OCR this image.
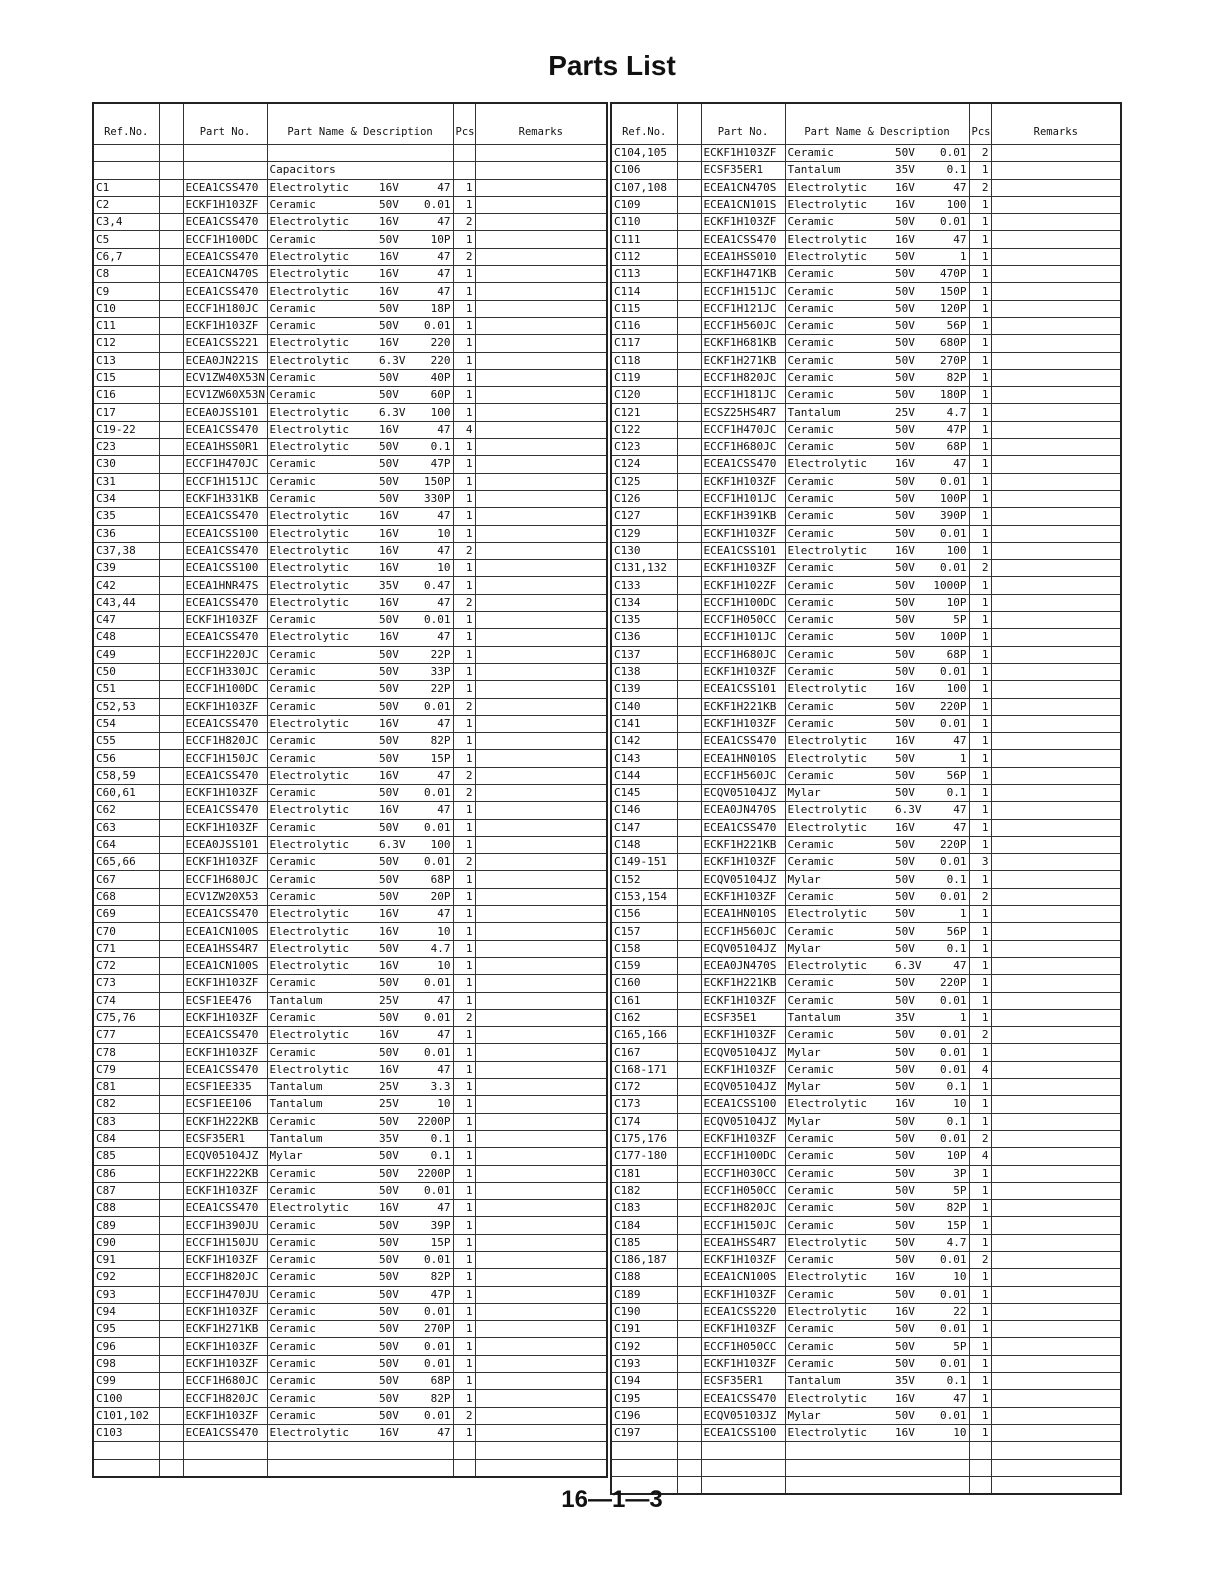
Parts List
Ref.No.		Part No.	Part Name & Description			Pcs	Remarks

			Capacitors				
C1		ECEA1CSS470	Electrolytic	16V	47	1	
C2		ECKF1H103ZF	Ceramic	50V	0.01	1	
C3,4		ECEA1CSS470	Electrolytic	16V	47	2	
C5		ECCF1H100DC	Ceramic	50V	10P	1	
C6,7		ECEA1CSS470	Electrolytic	16V	47	2	
C8		ECEA1CN470S	Electrolytic	16V	47	1	
C9		ECEA1CSS470	Electrolytic	16V	47	1	
C10		ECCF1H180JC	Ceramic	50V	18P	1	
C11		ECKF1H103ZF	Ceramic	50V	0.01	1	
C12		ECEA1CSS221	Electrolytic	16V	220	1	
C13		ECEA0JN221S	Electrolytic	6.3V	220	1	
C15		ECV1ZW40X53N	Ceramic	50V	40P	1	
C16		ECV1ZW60X53N	Ceramic	50V	60P	1	
C17		ECEA0JSS101	Electrolytic	6.3V	100	1	
C19-22		ECEA1CSS470	Electrolytic	16V	47	4	
C23		ECEA1HSS0R1	Electrolytic	50V	0.1	1	
C30		ECCF1H470JC	Ceramic	50V	47P	1	
C31		ECCF1H151JC	Ceramic	50V	150P	1	
C34		ECKF1H331KB	Ceramic	50V	330P	1	
C35		ECEA1CSS470	Electrolytic	16V	47	1	
C36		ECEA1CSS100	Electrolytic	16V	10	1	
C37,38		ECEA1CSS470	Electrolytic	16V	47	2	
C39		ECEA1CSS100	Electrolytic	16V	10	1	
C42		ECEA1HNR47S	Electrolytic	35V	0.47	1	
C43,44		ECEA1CSS470	Electrolytic	16V	47	2	
C47		ECKF1H103ZF	Ceramic	50V	0.01	1	
C48		ECEA1CSS470	Electrolytic	16V	47	1	
C49		ECCF1H220JC	Ceramic	50V	22P	1	
C50		ECCF1H330JC	Ceramic	50V	33P	1	
C51		ECCF1H100DC	Ceramic	50V	22P	1	
C52,53		ECKF1H103ZF	Ceramic	50V	0.01	2	
C54		ECEA1CSS470	Electrolytic	16V	47	1	
C55		ECCF1H820JC	Ceramic	50V	82P	1	
C56		ECCF1H150JC	Ceramic	50V	15P	1	
C58,59		ECEA1CSS470	Electrolytic	16V	47	2	
C60,61		ECKF1H103ZF	Ceramic	50V	0.01	2	
C62		ECEA1CSS470	Electrolytic	16V	47	1	
C63		ECKF1H103ZF	Ceramic	50V	0.01	1	
C64		ECEA0JSS101	Electrolytic	6.3V	100	1	
C65,66		ECKF1H103ZF	Ceramic	50V	0.01	2	
C67		ECCF1H680JC	Ceramic	50V	68P	1	
C68		ECV1ZW20X53	Ceramic	50V	20P	1	
C69		ECEA1CSS470	Electrolytic	16V	47	1	
C70		ECEA1CN100S	Electrolytic	16V	10	1	
C71		ECEA1HSS4R7	Electrolytic	50V	4.7	1	
C72		ECEA1CN100S	Electrolytic	16V	10	1	
C73		ECKF1H103ZF	Ceramic	50V	0.01	1	
C74		ECSF1EE476	Tantalum	25V	47	1	
C75,76		ECKF1H103ZF	Ceramic	50V	0.01	2	
C77		ECEA1CSS470	Electrolytic	16V	47	1	
C78		ECKF1H103ZF	Ceramic	50V	0.01	1	
C79		ECEA1CSS470	Electrolytic	16V	47	1	
C81		ECSF1EE335	Tantalum	25V	3.3	1	
C82		ECSF1EE106	Tantalum	25V	10	1	
C83		ECKF1H222KB	Ceramic	50V	2200P	1	
C84		ECSF35ER1	Tantalum	35V	0.1	1	
C85		ECQV05104JZ	Mylar	50V	0.1	1	
C86		ECKF1H222KB	Ceramic	50V	2200P	1	
C87		ECKF1H103ZF	Ceramic	50V	0.01	1	
C88		ECEA1CSS470	Electrolytic	16V	47	1	
C89		ECCF1H390JU	Ceramic	50V	39P	1	
C90		ECCF1H150JU	Ceramic	50V	15P	1	
C91		ECKF1H103ZF	Ceramic	50V	0.01	1	
C92		ECCF1H820JC	Ceramic	50V	82P	1	
C93		ECCF1H470JU	Ceramic	50V	47P	1	
C94		ECKF1H103ZF	Ceramic	50V	0.01	1	
C95		ECKF1H271KB	Ceramic	50V	270P	1	
C96		ECKF1H103ZF	Ceramic	50V	0.01	1	
C98		ECKF1H103ZF	Ceramic	50V	0.01	1	
C99		ECCF1H680JC	Ceramic	50V	68P	1	
C100		ECCF1H820JC	Ceramic	50V	82P	1	
C101,102		ECKF1H103ZF	Ceramic	50V	0.01	2	
C103		ECEA1CSS470	Electrolytic	16V	47	1	

Ref.No.		Part No.	Part Name & Description			Pcs	Remarks
C104,105		ECKF1H103ZF	Ceramic	50V	0.01	2	
C106		ECSF35ER1	Tantalum	35V	0.1	1	
C107,108		ECEA1CN470S	Electrolytic	16V	47	2	
C109		ECEA1CN101S	Electrolytic	16V	100	1	
C110		ECKF1H103ZF	Ceramic	50V	0.01	1	
C111		ECEA1CSS470	Electrolytic	16V	47	1	
C112		ECEA1HSS010	Electrolytic	50V	1	1	
C113		ECKF1H471KB	Ceramic	50V	470P	1	
C114		ECCF1H151JC	Ceramic	50V	150P	1	
C115		ECCF1H121JC	Ceramic	50V	120P	1	
C116		ECCF1H560JC	Ceramic	50V	56P	1	
C117		ECKF1H681KB	Ceramic	50V	680P	1	
C118		ECKF1H271KB	Ceramic	50V	270P	1	
C119		ECCF1H820JC	Ceramic	50V	82P	1	
C120		ECCF1H181JC	Ceramic	50V	180P	1	
C121		ECSZ25HS4R7	Tantalum	25V	4.7	1	
C122		ECCF1H470JC	Ceramic	50V	47P	1	
C123		ECCF1H680JC	Ceramic	50V	68P	1	
C124		ECEA1CSS470	Electrolytic	16V	47	1	
C125		ECKF1H103ZF	Ceramic	50V	0.01	1	
C126		ECCF1H101JC	Ceramic	50V	100P	1	
C127		ECKF1H391KB	Ceramic	50V	390P	1	
C129		ECKF1H103ZF	Ceramic	50V	0.01	1	
C130		ECEA1CSS101	Electrolytic	16V	100	1	
C131,132		ECKF1H103ZF	Ceramic	50V	0.01	2	
C133		ECKF1H102ZF	Ceramic	50V	1000P	1	
C134		ECCF1H100DC	Ceramic	50V	10P	1	
C135		ECCF1H050CC	Ceramic	50V	5P	1	
C136		ECCF1H101JC	Ceramic	50V	100P	1	
C137		ECCF1H680JC	Ceramic	50V	68P	1	
C138		ECKF1H103ZF	Ceramic	50V	0.01	1	
C139		ECEA1CSS101	Electrolytic	16V	100	1	
C140		ECKF1H221KB	Ceramic	50V	220P	1	
C141		ECKF1H103ZF	Ceramic	50V	0.01	1	
C142		ECEA1CSS470	Electrolytic	16V	47	1	
C143		ECEA1HN010S	Electrolytic	50V	1	1	
C144		ECCF1H560JC	Ceramic	50V	56P	1	
C145		ECQV05104JZ	Mylar	50V	0.1	1	
C146		ECEA0JN470S	Electrolytic	6.3V	47	1	
C147		ECEA1CSS470	Electrolytic	16V	47	1	
C148		ECKF1H221KB	Ceramic	50V	220P	1	
C149-151		ECKF1H103ZF	Ceramic	50V	0.01	3	
C152		ECQV05104JZ	Mylar	50V	0.1	1	
C153,154		ECKF1H103ZF	Ceramic	50V	0.01	2	
C156		ECEA1HN010S	Electrolytic	50V	1	1	
C157		ECCF1H560JC	Ceramic	50V	56P	1	
C158		ECQV05104JZ	Mylar	50V	0.1	1	
C159		ECEA0JN470S	Electrolytic	6.3V	47	1	
C160		ECKF1H221KB	Ceramic	50V	220P	1	
C161		ECKF1H103ZF	Ceramic	50V	0.01	1	
C162		ECSF35E1	Tantalum	35V	1	1	
C165,166		ECKF1H103ZF	Ceramic	50V	0.01	2	
C167		ECQV05104JZ	Mylar	50V	0.01	1	
C168-171		ECKF1H103ZF	Ceramic	50V	0.01	4	
C172		ECQV05104JZ	Mylar	50V	0.1	1	
C173		ECEA1CSS100	Electrolytic	16V	10	1	
C174		ECQV05104JZ	Mylar	50V	0.1	1	
C175,176		ECKF1H103ZF	Ceramic	50V	0.01	2	
C177-180		ECCF1H100DC	Ceramic	50V	10P	4	
C181		ECCF1H030CC	Ceramic	50V	3P	1	
C182		ECCF1H050CC	Ceramic	50V	5P	1	
C183		ECCF1H820JC	Ceramic	50V	82P	1	
C184		ECCF1H150JC	Ceramic	50V	15P	1	
C185		ECEA1HSS4R7	Electrolytic	50V	4.7	1	
C186,187		ECKF1H103ZF	Ceramic	50V	0.01	2	
C188		ECEA1CN100S	Electrolytic	16V	10	1	
C189		ECKF1H103ZF	Ceramic	50V	0.01	1	
C190		ECEA1CSS220	Electrolytic	16V	22	1	
C191		ECKF1H103ZF	Ceramic	50V	0.01	1	
C192		ECCF1H050CC	Ceramic	50V	5P	1	
C193		ECKF1H103ZF	Ceramic	50V	0.01	1	
C194		ECSF35ER1	Tantalum	35V	0.1	1	
C195		ECEA1CSS470	Electrolytic	16V	47	1	
C196		ECQV05103JZ	Mylar	50V	0.01	1	
C197		ECEA1CSS100	Electrolytic	16V	10	1	

16—1—3
